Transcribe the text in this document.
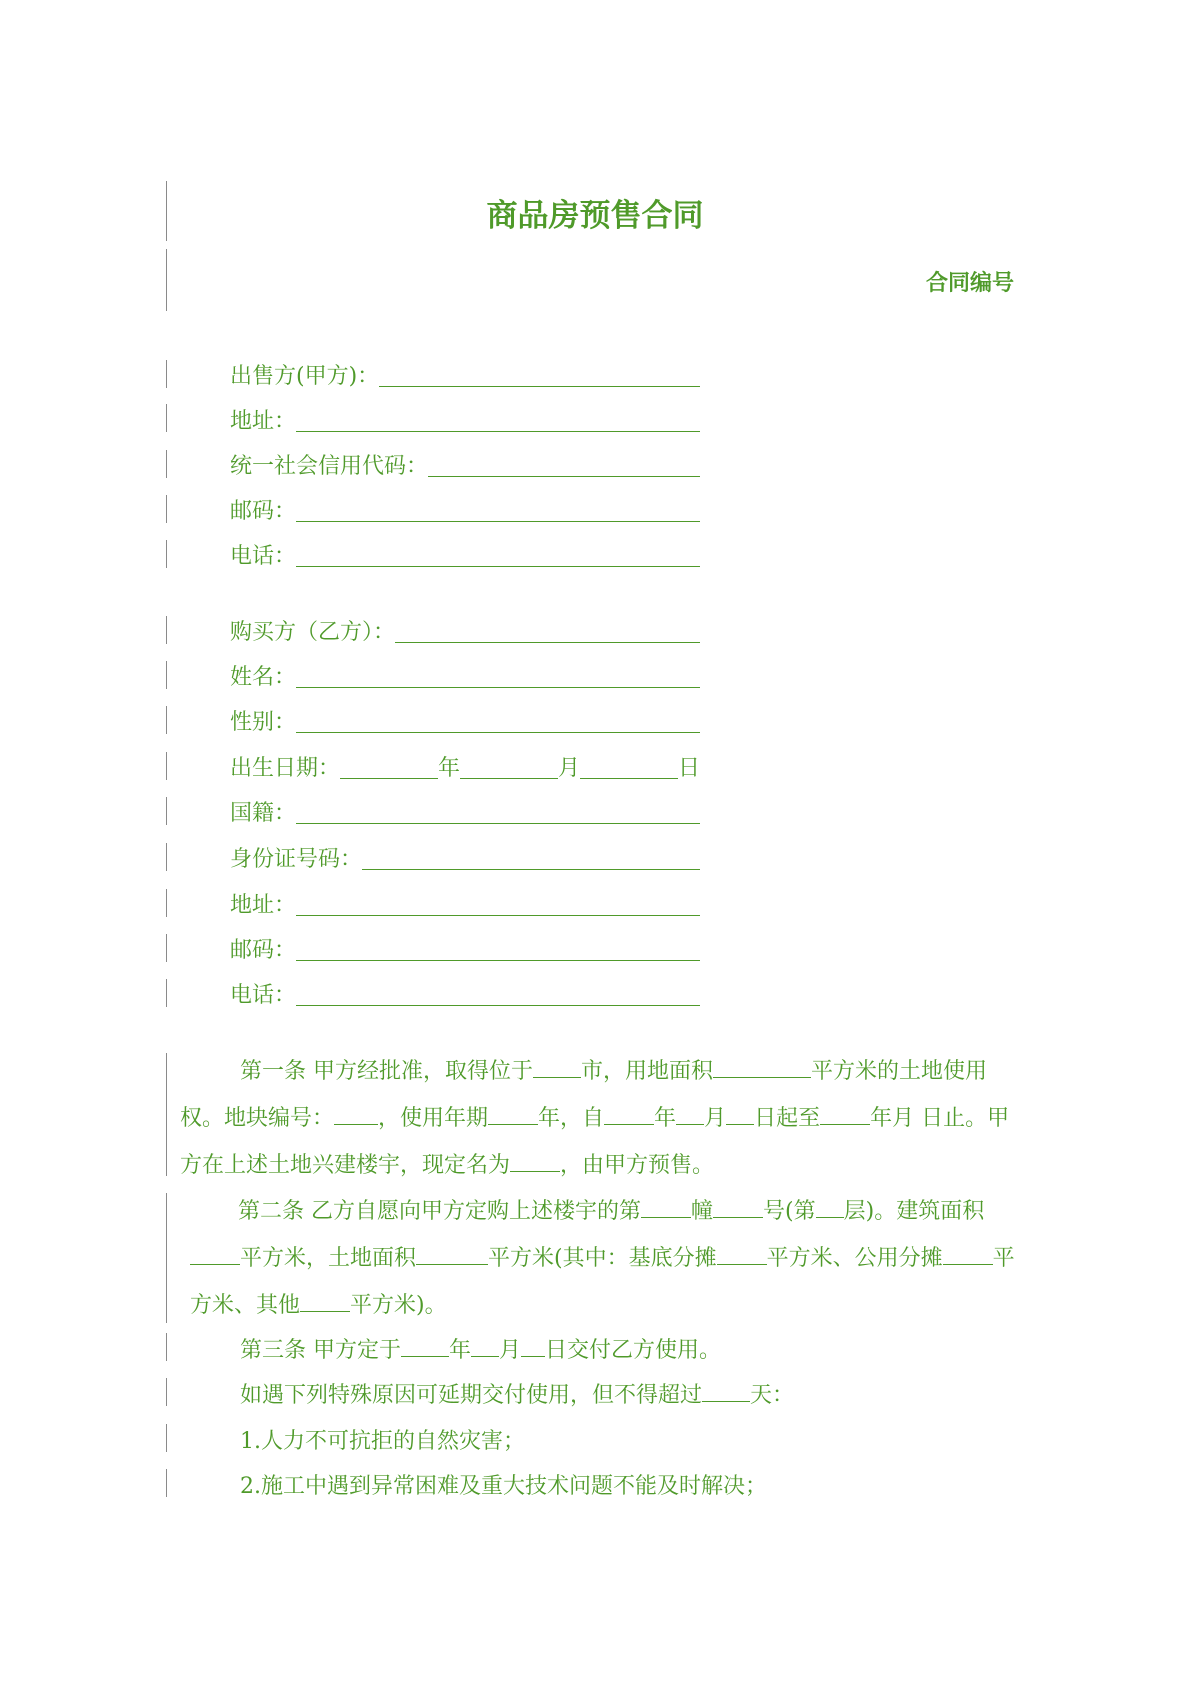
商品房预售合同
合同编号
出售方(甲方)：
地址：
统一社会信用代码：
邮码：
电话：
购买方（乙方）：
姓名：
性别：
出生日期：	年	月	日
国籍：
身份证号码：
地址：
邮码：
电话：
第一条 甲方经批准，取得位于 市，用地面积	平方米的土地使用权。地块编号： ，使用年期 年，自 年 月 日起至 年月 日止。甲方在上述土地兴建楼宇，现定名为 ，由甲方预售。
第二条 乙方自愿向甲方定购上述楼宇的第 幢 号(第 层)。建筑面积平方米，土地面积	平方米(其中：基底分摊 平方米、公用分摊 平方米、其他 平方米)。
第三条 甲方定于 年 月 日交付乙方使用。
如遇下列特殊原因可延期交付使用，但不得超过 天：
1.人力不可抗拒的自然灾害；
2.施工中遇到异常困难及重大技术问题不能及时解决；
